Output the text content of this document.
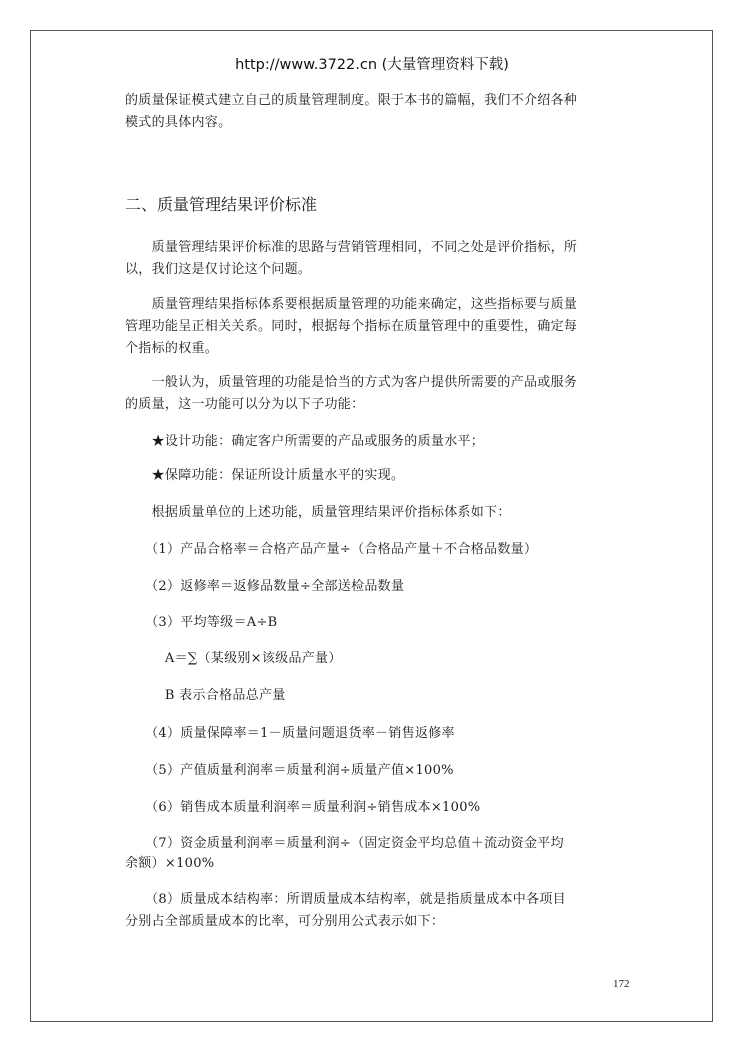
http://www.3722.cn (大量管理资料下载)
的质量保证模式建立自己的质量管理制度。限于本书的篇幅，我们不介绍各种
模式的具体内容。
二、质量管理结果评价标准
　　质量管理结果评价标准的思路与营销管理相同，不同之处是评价指标，所
以，我们这是仅讨论这个问题。
　　质量管理结果指标体系要根据质量管理的功能来确定，这些指标要与质量
管理功能呈正相关关系。同时，根据每个指标在质量管理中的重要性，确定每
个指标的权重。
　　一般认为，质量管理的功能是恰当的方式为客户提供所需要的产品或服务
的质量，这一功能可以分为以下子功能：
　　★设计功能：确定客户所需要的产品或服务的质量水平；
　　★保障功能：保证所设计质量水平的实现。
　　根据质量单位的上述功能，质量管理结果评价指标体系如下：
　　（1）产品合格率＝合格产品产量÷（合格品产量＋不合格品数量）
　　（2）返修率＝返修品数量÷全部送检品数量
　　（3）平均等级＝A÷B
　　　A＝∑（某级别×该级品产量）
　　　B 表示合格品总产量
　　（4）质量保障率＝1－质量问题退货率－销售返修率
　　（5）产值质量利润率＝质量利润÷质量产值×100%
　　（6）销售成本质量利润率＝质量利润÷销售成本×100%
　　（7）资金质量利润率＝质量利润÷（固定资金平均总值＋流动资金平均
余额）×100%
　　（8）质量成本结构率：所谓质量成本结构率，就是指质量成本中各项目
分别占全部质量成本的比率，可分别用公式表示如下：
172
